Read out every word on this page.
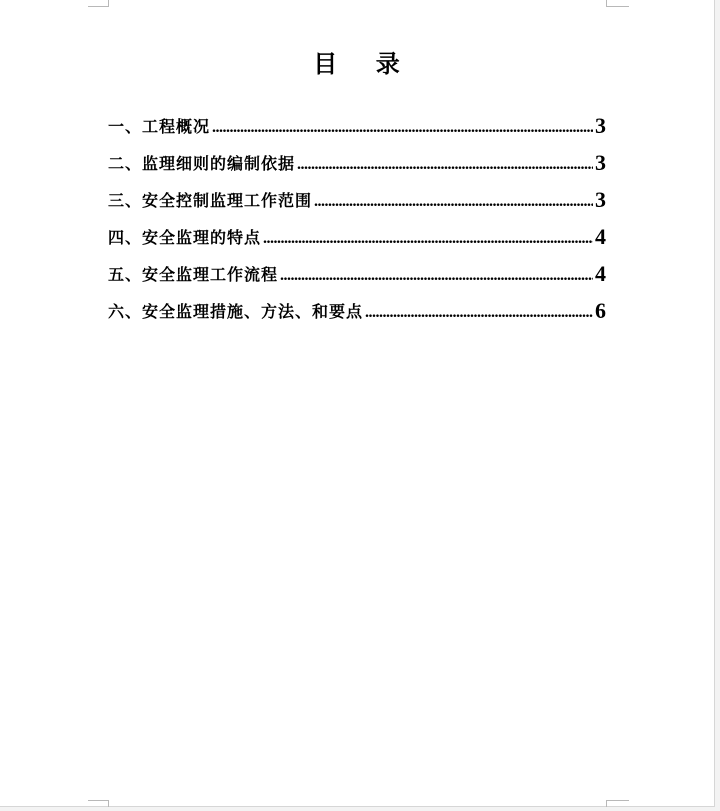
目    录
一、工程概况 .....	3
二、监理细则的编制依据 .....	3
三、安全控制监理工作范围 .....	3
四、安全监理的特点 .....	4
五、安全监理工作流程 .....	4
六、安全监理措施、方法、和要点 .....	6
